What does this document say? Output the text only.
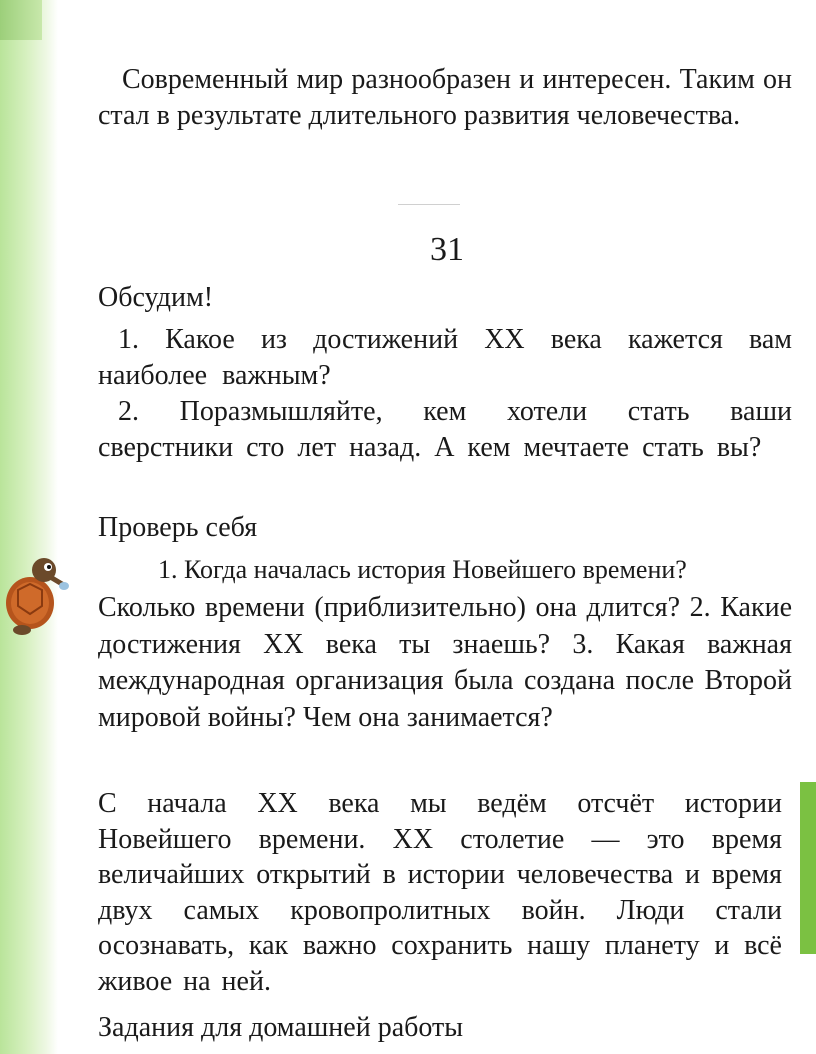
Современный мир разнообразен и интересен. Таким он стал в результате длительного развития человечества.

31
Обсудим!

1. Какое из достижений XX века кажется вам наиболее важным?

2. Поразмышляйте, кем хотели стать ваши сверстники сто лет назад. А кем мечтаете стать вы?

Проверь себя

1. Когда началась история Новейшего времени?

Сколько времени (приблизительно) она длится? 2. Какие достижения XX века ты знаешь? 3. Какая важная международная организация была создана после Второй мировой войны? Чем она занимается?

С начала XX века мы ведём отсчёт истории Новейшего времени. XX столетие — это время величайших открытий в истории человечества и время двух самых кровопролитных войн. Люди стали осознавать, как важно сохранить нашу планету и всё живое на ней.

Задания для домашней работы
